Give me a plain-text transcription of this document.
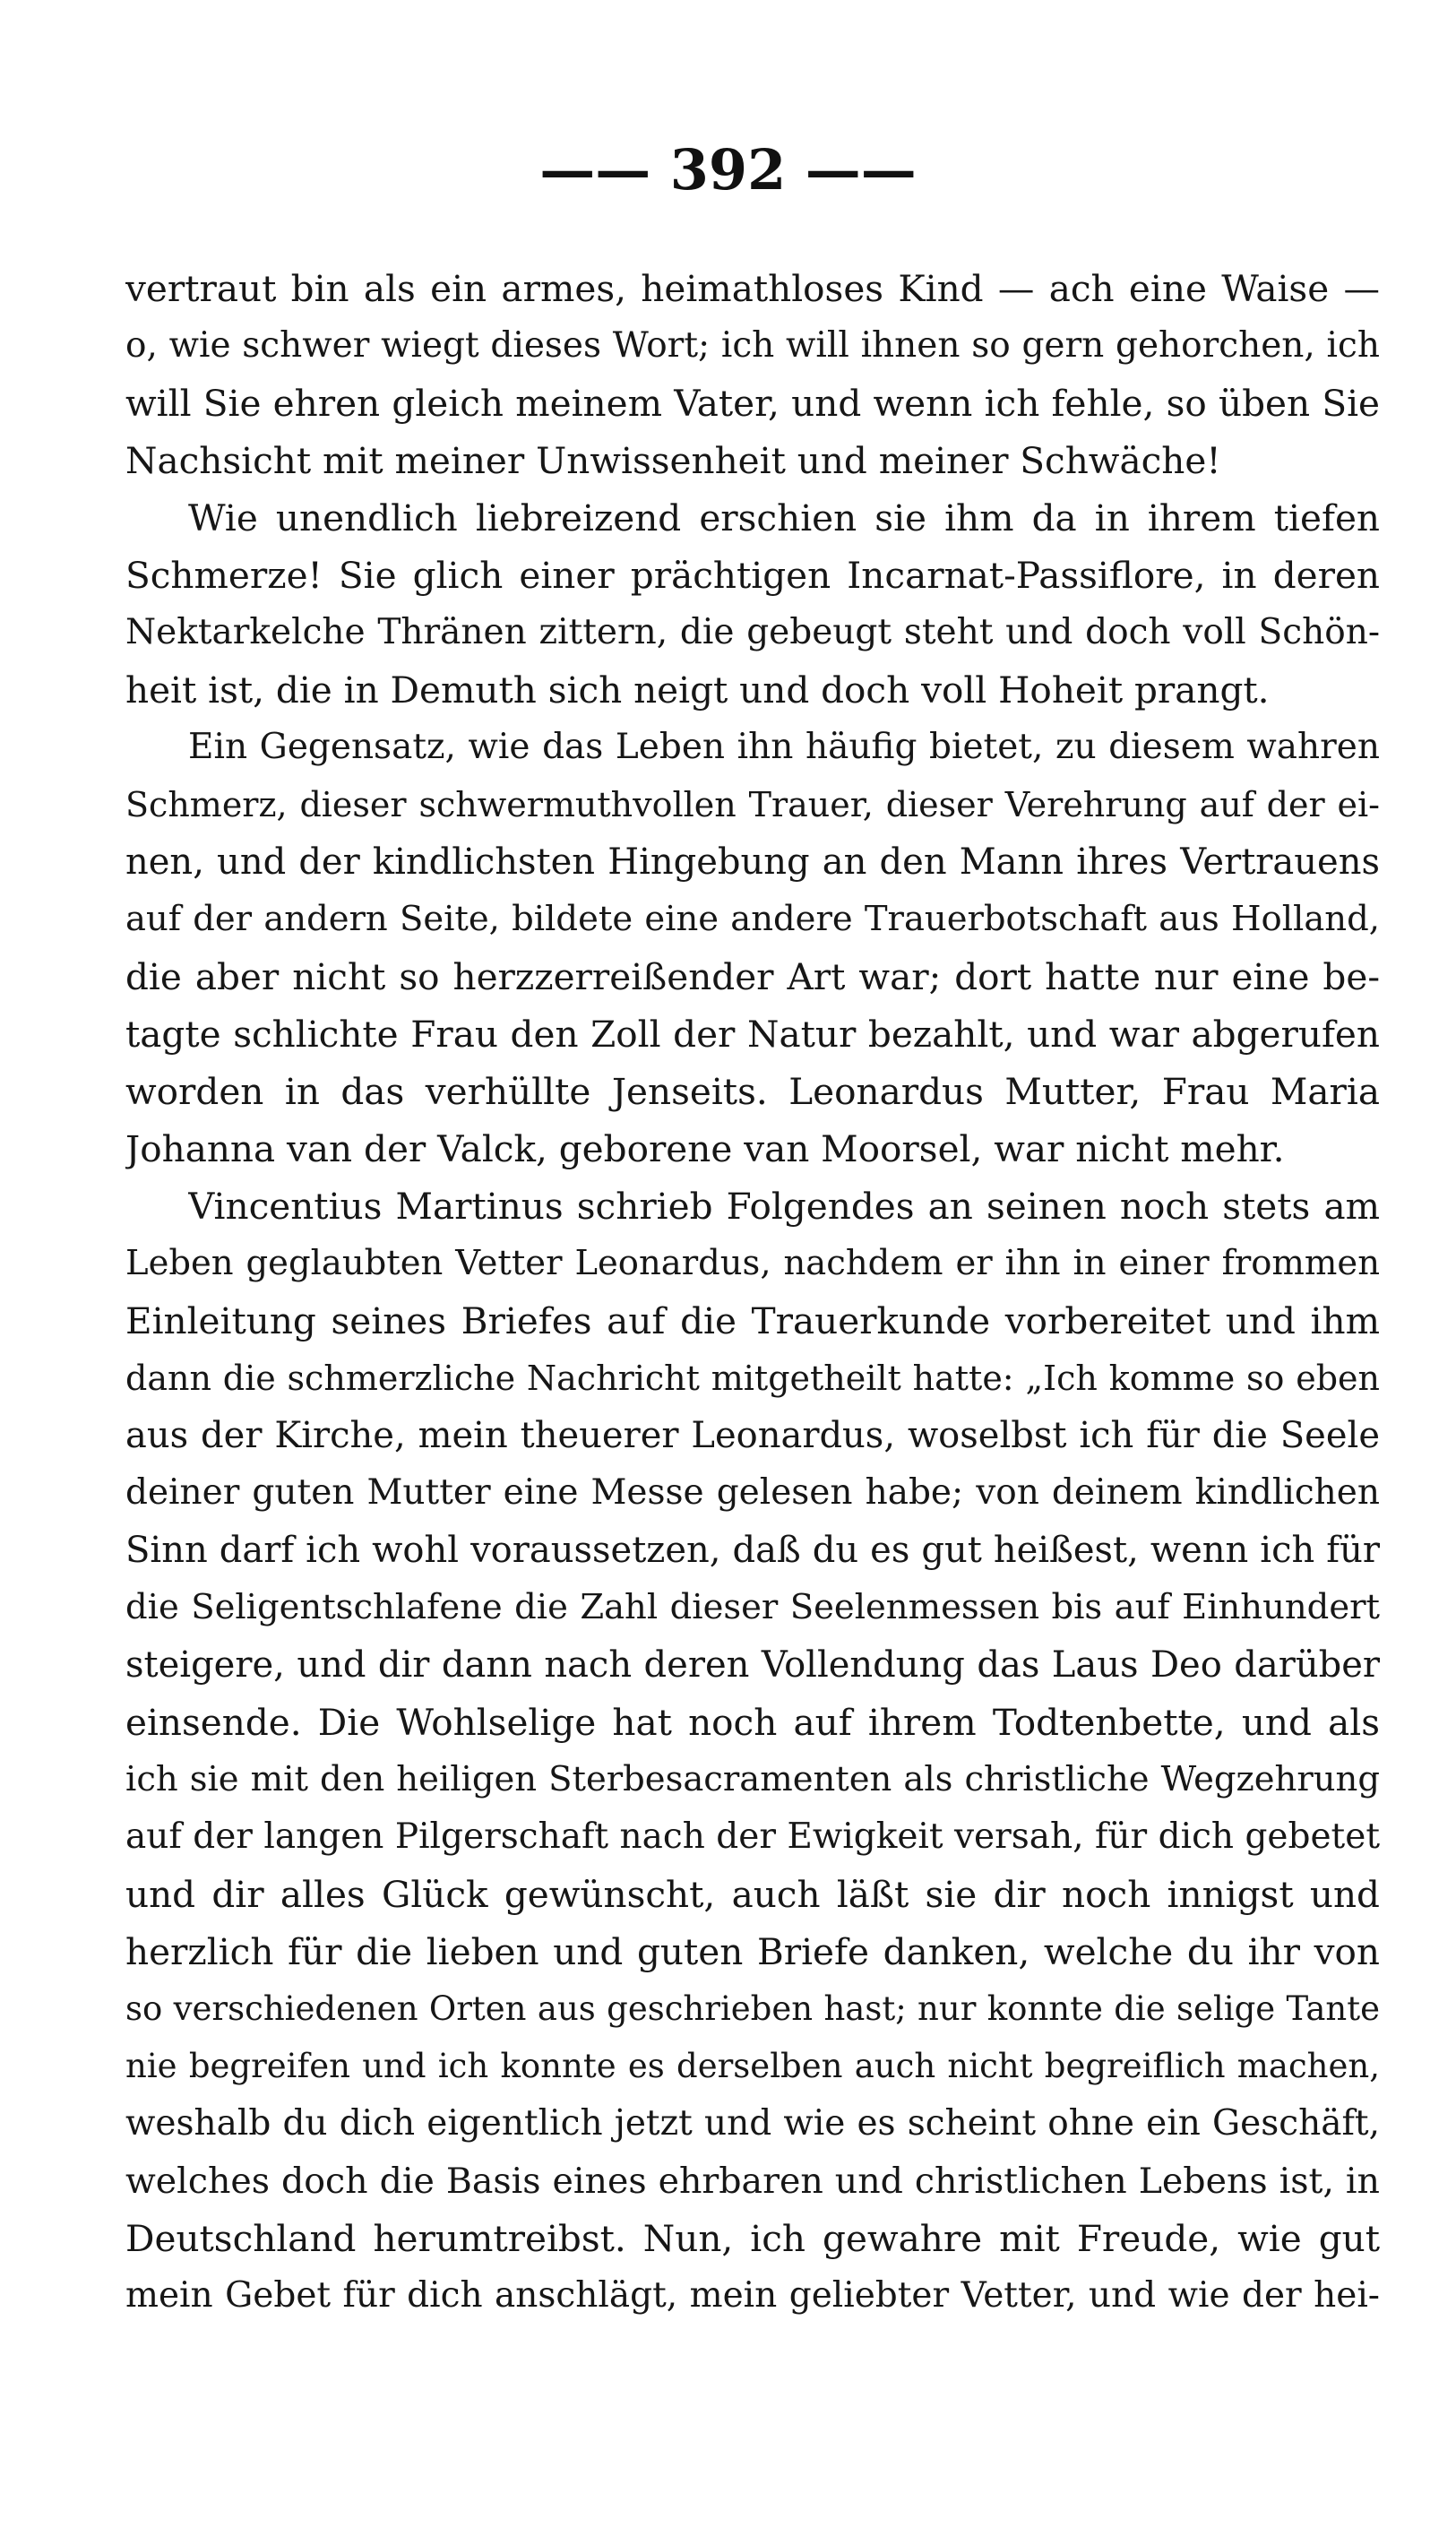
—— 392 ——
vertraut bin als ein armes, heimathloses Kind — ach eine Waise —
o, wie schwer wiegt dieses Wort; ich will ihnen so gern gehorchen, ich
will Sie ehren gleich meinem Vater, und wenn ich fehle, so üben Sie
Nachsicht mit meiner Unwissenheit und meiner Schwäche!
Wie unendlich liebreizend erschien sie ihm da in ihrem tiefen
Schmerze! Sie glich einer prächtigen Incarnat-Passiflore, in deren
Nektarkelche Thränen zittern, die gebeugt steht und doch voll Schön-
heit ist, die in Demuth sich neigt und doch voll Hoheit prangt.
Ein Gegensatz, wie das Leben ihn häufig bietet, zu diesem wahren
Schmerz, dieser schwermuthvollen Trauer, dieser Verehrung auf der ei-
nen, und der kindlichsten Hingebung an den Mann ihres Vertrauens
auf der andern Seite, bildete eine andere Trauerbotschaft aus Holland,
die aber nicht so herzzerreißender Art war; dort hatte nur eine be-
tagte schlichte Frau den Zoll der Natur bezahlt, und war abgerufen
worden in das verhüllte Jenseits. Leonardus Mutter, Frau Maria
Johanna van der Valck, geborene van Moorsel, war nicht mehr.
Vincentius Martinus schrieb Folgendes an seinen noch stets am
Leben geglaubten Vetter Leonardus, nachdem er ihn in einer frommen
Einleitung seines Briefes auf die Trauerkunde vorbereitet und ihm
dann die schmerzliche Nachricht mitgetheilt hatte: „Ich komme so eben
aus der Kirche, mein theuerer Leonardus, woselbst ich für die Seele
deiner guten Mutter eine Messe gelesen habe; von deinem kindlichen
Sinn darf ich wohl voraussetzen, daß du es gut heißest, wenn ich für
die Seligentschlafene die Zahl dieser Seelenmessen bis auf Einhundert
steigere, und dir dann nach deren Vollendung das Laus Deo darüber
einsende. Die Wohlselige hat noch auf ihrem Todtenbette, und als
ich sie mit den heiligen Sterbesacramenten als christliche Wegzehrung
auf der langen Pilgerschaft nach der Ewigkeit versah, für dich gebetet
und dir alles Glück gewünscht, auch läßt sie dir noch innigst und
herzlich für die lieben und guten Briefe danken, welche du ihr von
so verschiedenen Orten aus geschrieben hast; nur konnte die selige Tante
nie begreifen und ich konnte es derselben auch nicht begreiflich machen,
weshalb du dich eigentlich jetzt und wie es scheint ohne ein Geschäft,
welches doch die Basis eines ehrbaren und christlichen Lebens ist, in
Deutschland herumtreibst. Nun, ich gewahre mit Freude, wie gut
mein Gebet für dich anschlägt, mein geliebter Vetter, und wie der hei-
